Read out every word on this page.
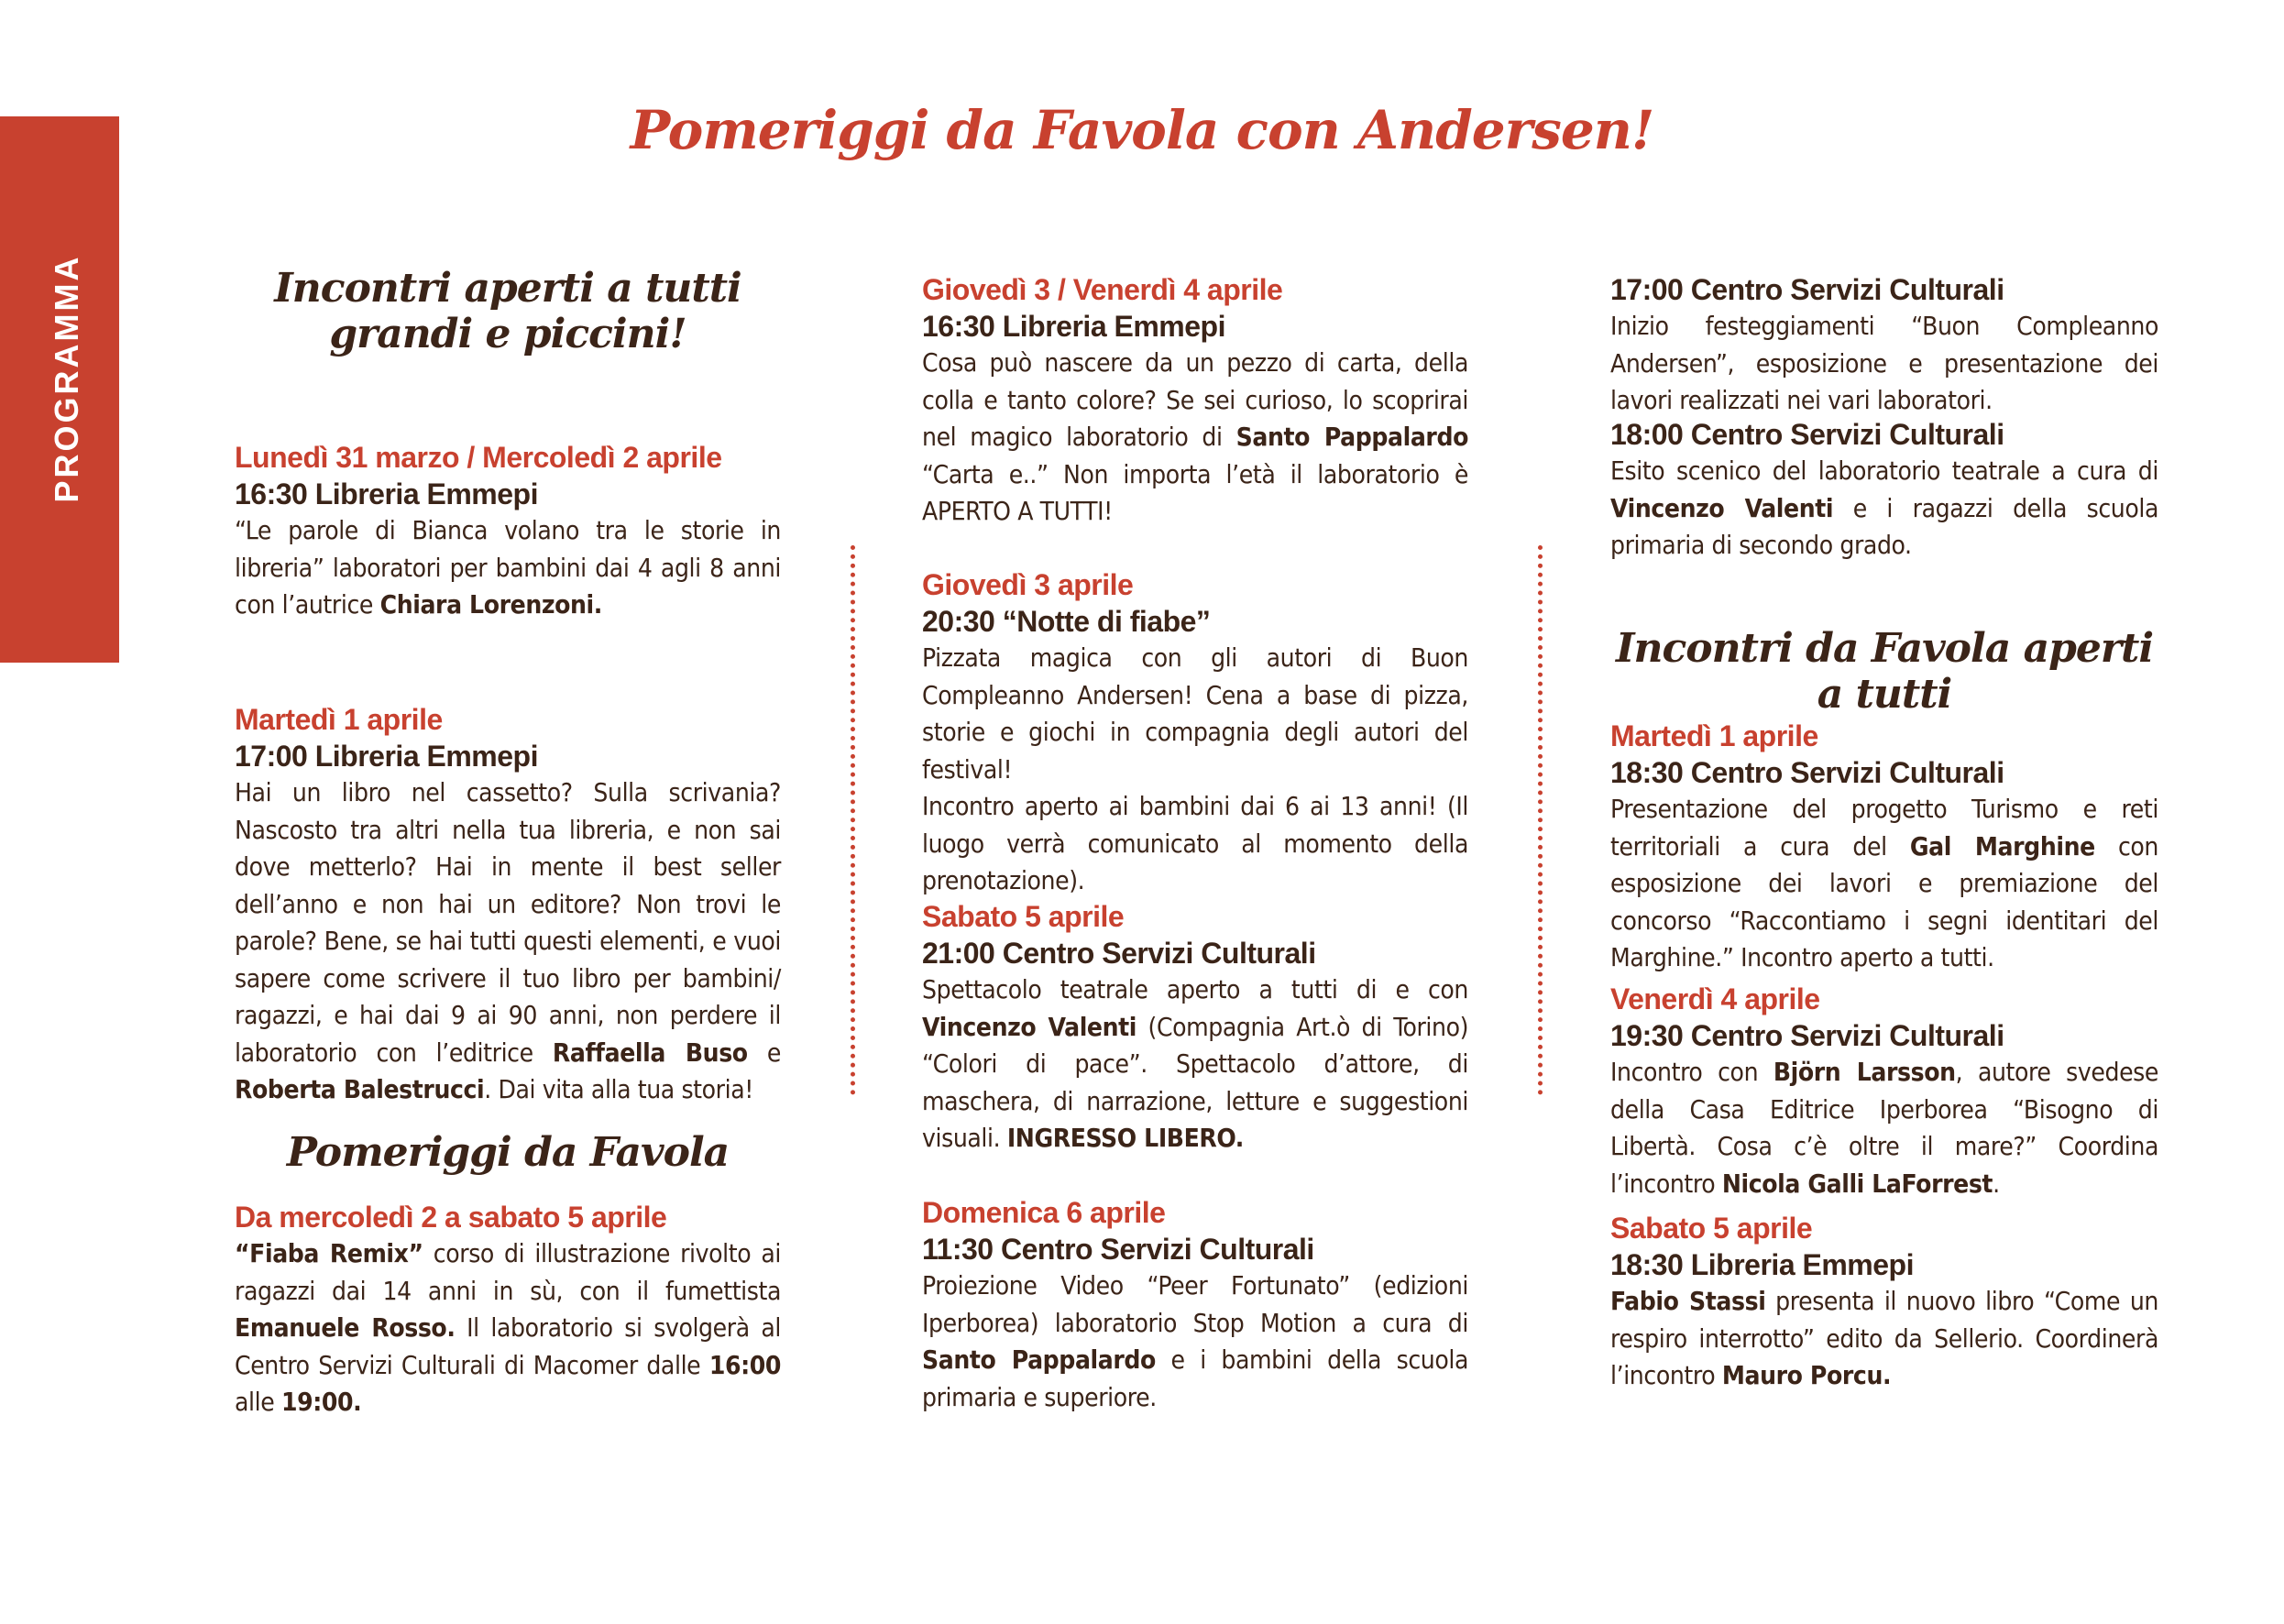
PROGRAMMA
Pomeriggi da Favola con Andersen!
Incontri aperti a tutti
grandi e piccini!
Lunedì 31 marzo / Mercoledì 2 aprile
16:30 Libreria Emmepi

“Le parole di Bianca volano tra le storie in libreria” laboratori per bambini dai 4 agli 8 anni con l’autrice Chiara Lorenzoni.

Martedì 1 aprile
17:00 Libreria Emmepi

Hai un libro nel cassetto? Sulla scrivania? Nascosto tra altri nella tua libreria, e non sai dove metterlo? Hai in mente il best seller dell’anno e non hai un editore? Non trovi le parole? Bene, se hai tutti questi elementi, e vuoi sapere come scrivere il tuo libro per bambini/ ragazzi, e hai dai 9 ai 90 anni, non perdere il laboratorio con l’editrice Raffaella Buso e Roberta Balestrucci. Dai vita alla tua storia!

Pomeriggi da Favola
Da mercoledì 2 a sabato 5 aprile

“Fiaba Remix” corso di illustrazione rivolto ai ragazzi dai 14 anni in sù, con il fumettista Emanuele Rosso. Il laboratorio si svolgerà al Centro Servizi Culturali di Macomer dalle 16:00 alle 19:00.

Giovedì 3 / Venerdì 4 aprile
16:30 Libreria Emmepi

Cosa può nascere da un pezzo di carta, della colla e tanto colore? Se sei curioso, lo scoprirai nel magico laboratorio di Santo Pappalardo “Carta e..” Non importa l’età il laboratorio è APERTO A TUTTI!

Giovedì 3 aprile
20:30 “Notte di fiabe”

Pizzata magica con gli autori di Buon Compleanno Andersen! Cena a base di pizza, storie e giochi in compagnia degli autori del festival!

Incontro aperto ai bambini dai 6 ai 13 anni! (Il luogo verrà comunicato al momento della prenotazione).

Sabato 5 aprile
21:00 Centro Servizi Culturali

Spettacolo teatrale aperto a tutti di e con Vincenzo Valenti (Compagnia Art.ò di Torino) “Colori di pace”. Spettacolo d’attore, di maschera, di narrazione, letture e suggestioni visuali. INGRESSO LIBERO.

Domenica 6 aprile
11:30 Centro Servizi Culturali

Proiezione Video “Peer Fortunato” (edizioni Iperborea) laboratorio Stop Motion a cura di Santo Pappalardo e i bambini della scuola primaria e superiore.

17:00 Centro Servizi Culturali

Inizio festeggiamenti “Buon Compleanno Andersen”, esposizione e presentazione dei lavori realizzati nei vari laboratori.

18:00 Centro Servizi Culturali

Esito scenico del laboratorio teatrale a cura di Vincenzo Valenti e i ragazzi della scuola primaria di secondo grado.

Incontri da Favola aperti a tutti
Martedì 1 aprile
18:30 Centro Servizi Culturali

Presentazione del progetto Turismo e reti territoriali a cura del Gal Marghine con esposizione dei lavori e premiazione del concorso “Raccontiamo i segni identitari del Marghine.” Incontro aperto a tutti.

Venerdì 4 aprile
19:30 Centro Servizi Culturali

Incontro con Björn Larsson, autore svedese della Casa Editrice Iperborea “Bisogno di Libertà. Cosa c’è oltre il mare?” Coordina l’incontro Nicola Galli LaForrest.

Sabato 5 aprile
18:30 Libreria Emmepi

Fabio Stassi presenta il nuovo libro “Come un respiro interrotto” edito da Sellerio. Coordinerà l’incontro Mauro Porcu.
